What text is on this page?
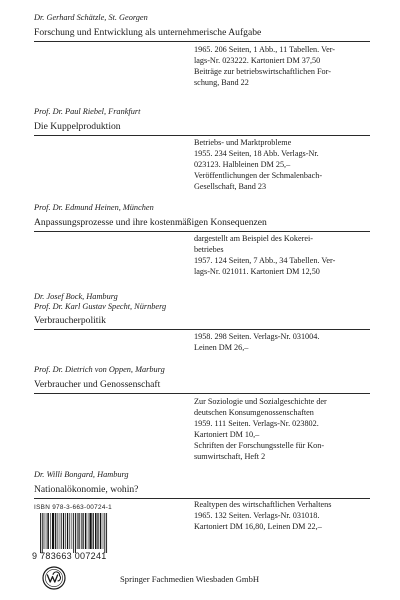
Dr. Gerhard Schätzle, St. Georgen
Forschung und Entwicklung als unternehmerische Aufgabe
1965. 206 Seiten, 1 Abb., 11 Tabellen. Ver-
lags-Nr. 023222. Kartoniert DM 37,50
Beiträge zur betriebswirtschaftlichen For-
schung, Band 22
Prof. Dr. Paul Riebel, Frankfurt
Die Kuppelproduktion
Betriebs- und Marktprobleme
1955. 234 Seiten, 18 Abb. Verlags-Nr.
023123. Halbleinen DM 25,–
Veröffentlichungen der Schmalenbach-
Gesellschaft, Band 23
Prof. Dr. Edmund Heinen, München
Anpassungsprozesse und ihre kostenmäßigen Konsequenzen
dargestellt am Beispiel des Kokerei-
betriebes
1957. 124 Seiten, 7 Abb., 34 Tabellen. Ver-
lags-Nr. 021011. Kartoniert DM 12,50
Dr. Josef Bock, Hamburg
Prof. Dr. Karl Gustav Specht, Nürnberg
Verbraucherpolitik
1958. 298 Seiten. Verlags-Nr. 031004.
Leinen DM 26,–
Prof. Dr. Dietrich von Oppen, Marburg
Verbraucher und Genossenschaft
Zur Soziologie und Sozialgeschichte der
deutschen Konsumgenossenschaften
1959. 111 Seiten. Verlags-Nr. 023802.
Kartoniert DM 10,–
Schriften der Forschungsstelle für Kon-
sumwirtschaft, Heft 2
Dr. Willi Bongard, Hamburg
Nationalökonomie, wohin?
Realtypen des wirtschaftlichen Verhaltens
1965. 132 Seiten. Verlags-Nr. 031018.
Kartoniert DM 16,80, Leinen DM 22,–
ISBN 978-3-663-00724-1
9 783663 007241
Springer Fachmedien Wiesbaden GmbH
